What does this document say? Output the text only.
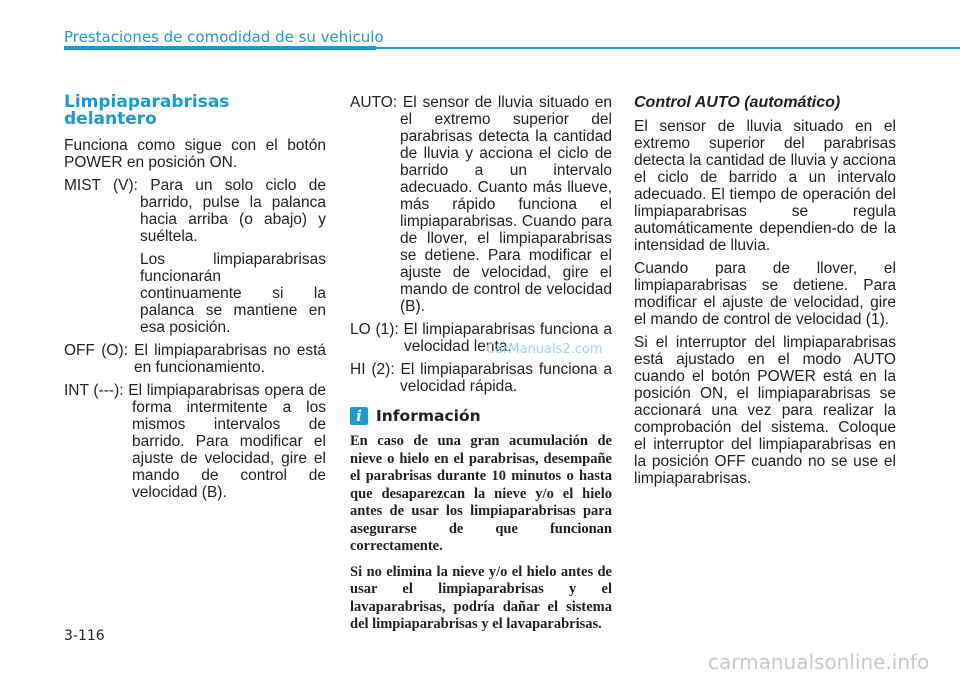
Prestaciones de comodidad de su vehiculo
Limpiaparabrisas delantero

Funciona como sigue con el botón POWER en posición ON.

MIST (V): Para un solo ciclo de barrido, pulse la palanca hacia arriba (o abajo) y suéltela.
Los limpiaparabrisas funcionarán continuamente si la palanca se mantiene en esa posición.
OFF (O): El limpiaparabrisas no está en funcionamiento.
INT (---): El limpiaparabrisas opera de forma intermitente a los mismos intervalos de barrido. Para modificar el ajuste de velocidad, gire el mando de control de velocidad (B).
AUTO: El sensor de lluvia situado en el extremo superior del parabrisas detecta la cantidad de lluvia y acciona el ciclo de barrido a un intervalo adecuado. Cuanto más llueve, más rápido funciona el limpiaparabrisas. Cuando para de llover, el limpiaparabrisas se detiene. Para modificar el ajuste de velocidad, gire el mando de control de velocidad (B).
LO (1): El limpiaparabrisas funciona a velocidad lenta.
HI (2): El limpiaparabrisas funciona a velocidad rápida.
i Información

En caso de una gran acumulación de nieve o hielo en el parabrisas, desempañe el parabrisas durante 10 minutos o hasta que desaparezcan la nieve y/o el hielo antes de usar los limpiaparabrisas para asegurarse de que funcionan correctamente.

Si no elimina la nieve y/o el hielo antes de usar el limpiaparabrisas y el lavaparabrisas, podría dañar el sistema del limpiaparabrisas y el lavaparabrisas.

Control AUTO (automático)

El sensor de lluvia situado en el extremo superior del parabrisas detecta la cantidad de lluvia y acciona el ciclo de barrido a un intervalo adecuado. El tiempo de operación del limpiaparabrisas se regula automáticamente dependien-do de la intensidad de lluvia.

Cuando para de llover, el limpiaparabrisas se detiene. Para modificar el ajuste de velocidad, gire el mando de control de velocidad (1).

Si el interruptor del limpiaparabrisas está ajustado en el modo AUTO cuando el botón POWER está en la posición ON, el limpiaparabrisas se accionará una vez para realizar la comprobación del sistema. Coloque el interruptor del limpiaparabrisas en la posición OFF cuando no se use el limpiaparabrisas.

3-116
CarManuals2.com
carmanualsonline.info
